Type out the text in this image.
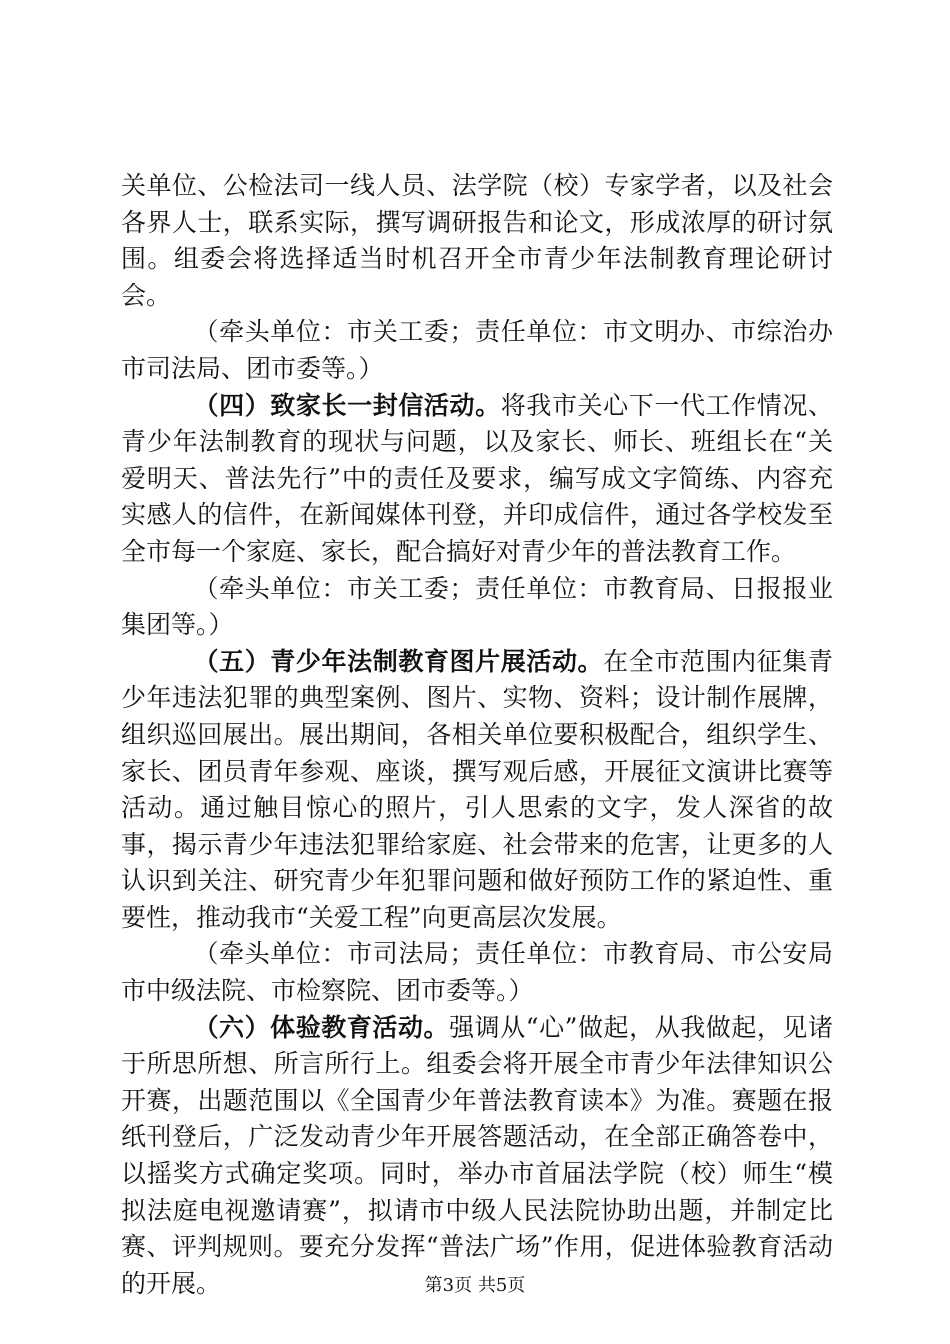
关单位、公检法司一线人员、法学院（校）专家学者，以及社会各界人士，联系实际，撰写调研报告和论文，形成浓厚的研讨氛围。组委会将选择适当时机召开全市青少年法制教育理论研讨会。

（牵头单位：市关工委；责任单位：市文明办、市综治办市司法局、团市委等。）

（四）致家长一封信活动。将我市关心下一代工作情况、青少年法制教育的现状与问题，以及家长、师长、班组长在“关爱明天、普法先行”中的责任及要求，编写成文字简练、内容充实感人的信件，在新闻媒体刊登，并印成信件，通过各学校发至全市每一个家庭、家长，配合搞好对青少年的普法教育工作。

（牵头单位：市关工委；责任单位：市教育局、日报报业集团等。）

（五）青少年法制教育图片展活动。在全市范围内征集青少年违法犯罪的典型案例、图片、实物、资料；设计制作展牌，组织巡回展出。展出期间，各相关单位要积极配合，组织学生、家长、团员青年参观、座谈，撰写观后感，开展征文演讲比赛等活动。通过触目惊心的照片，引人思索的文字，发人深省的故事，揭示青少年违法犯罪给家庭、社会带来的危害，让更多的人认识到关注、研究青少年犯罪问题和做好预防工作的紧迫性、重要性，推动我市“关爱工程”向更高层次发展。

（牵头单位：市司法局；责任单位：市教育局、市公安局市中级法院、市检察院、团市委等。）

（六）体验教育活动。强调从“心”做起，从我做起，见诸于所思所想、所言所行上。组委会将开展全市青少年法律知识公开赛，出题范围以《全国青少年普法教育读本》为准。赛题在报纸刊登后，广泛发动青少年开展答题活动，在全部正确答卷中，以摇奖方式确定奖项。同时，举办市首届法学院（校）师生“模拟法庭电视邀请赛”，拟请市中级人民法院协助出题，并制定比赛、评判规则。要充分发挥“普法广场”作用，促进体验教育活动的开展。	第3页 共5页
